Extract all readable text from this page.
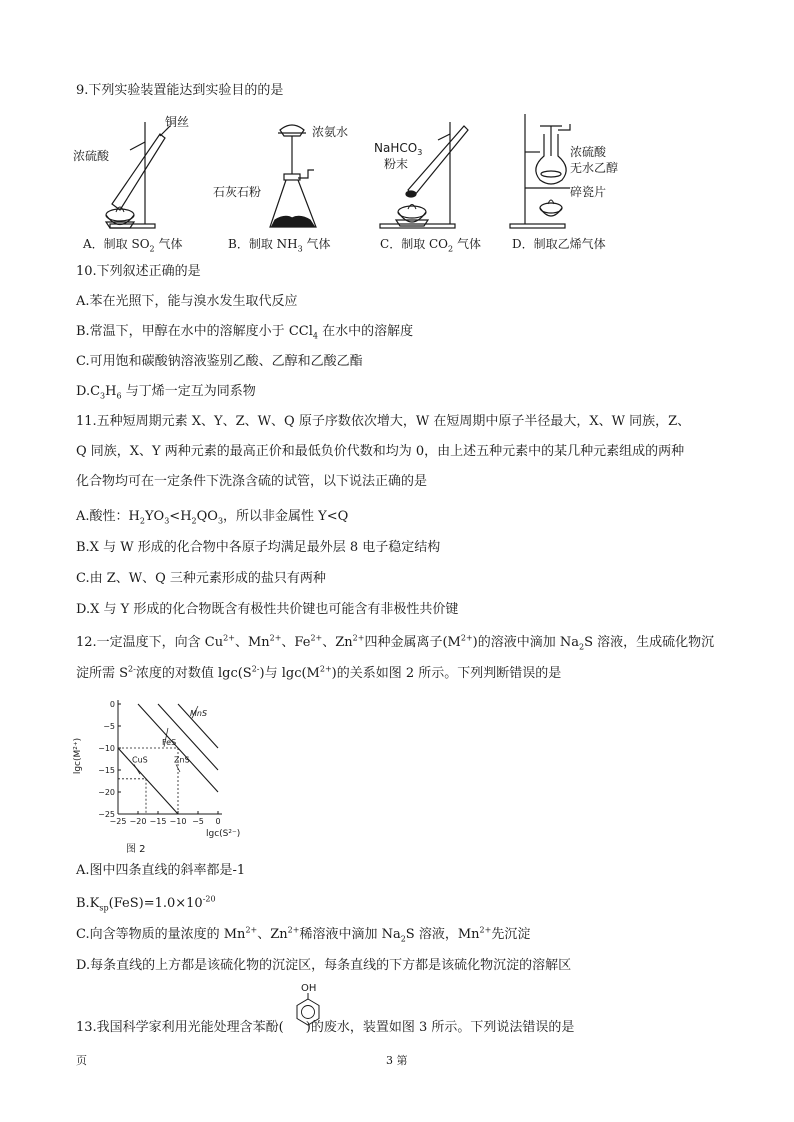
9.下列实验装置能达到实验目的的是
浓硫酸
铜丝
浓氨水
石灰石粉
NaHCO$_3$
粉末
浓硫酸
无水乙醇
碎瓷片
A．制取 $SO_2$ 气体	B．制取 $NH_3$ 气体	C．制取 $CO_2$ 气体	D．制取乙烯气体
10.下列叙述正确的是
A.苯在光照下，能与溴水发生取代反应
B.常温下，甲醇在水中的溶解度小于 CCl$_4$ 在水中的溶解度
C.可用饱和碳酸钠溶液鉴别乙酸、乙醇和乙酸乙酯
$D.C_3H_6$ 与丁烯一定互为同系物
11.五种短周期元素 X、Y、Z、W、Q 原子序数依次增大，W 在短周期中原子半径最大，X、W 同族，Z、
Q 同族，X、Y 两种元素的最高正价和最低负价代数和均为 0，由上述五种元素中的某几种元素组成的两种
化合物均可在一定条件下洗涤含硫的试管，以下说法正确的是
A.酸性：$H_2YO_3<H_2QO_3$，所以非金属性 Y<Q
B.X 与 W 形成的化合物中各原子均满足最外层 8 电子稳定结构
C.由 Z、W、Q 三种元素形成的盐只有两种
D.X 与 Y 形成的化合物既含有极性共价键也可能含有非极性共价键
12.一定温度下，向含 $Cu^{2+}$、$Mn^{2+}$、$Fe^{2+}$、$Zn^{2+}$四种金属离子$(M^{2+})$的溶液中滴加 $Na_2S$ 溶液，生成硫化物沉
淀所需 $S^{2-}$浓度的对数值 $\lg c(S^{2-})$与 $\lg c(M^{2+})$的关系如图 2 所示。下列判断错误的是
0
−5
−10
−15
−20
−25
−25 −20 −15 −10 −5 0
CuS	ZnS
FeS
MnS
lgc(M²⁺)
lgc(S²⁻)
图 2
A.图中四条直线的斜率都是-1
$B.K_{sp}(FeS)=1.0\times 10^{-20}$
C.向含等物质的量浓度的 $Mn^{2+}$、$Zn^{2+}$稀溶液中滴加 $Na_2S$ 溶液，$Mn^{2+}$先沉淀
D.每条直线的上方都是该硫化物的沉淀区，每条直线的下方都是该硫化物沉淀的溶解区
OH
13.我国科学家利用光能处理含苯酚( )的废水，装置如图 3 所示。下列说法错误的是
页	3 第
